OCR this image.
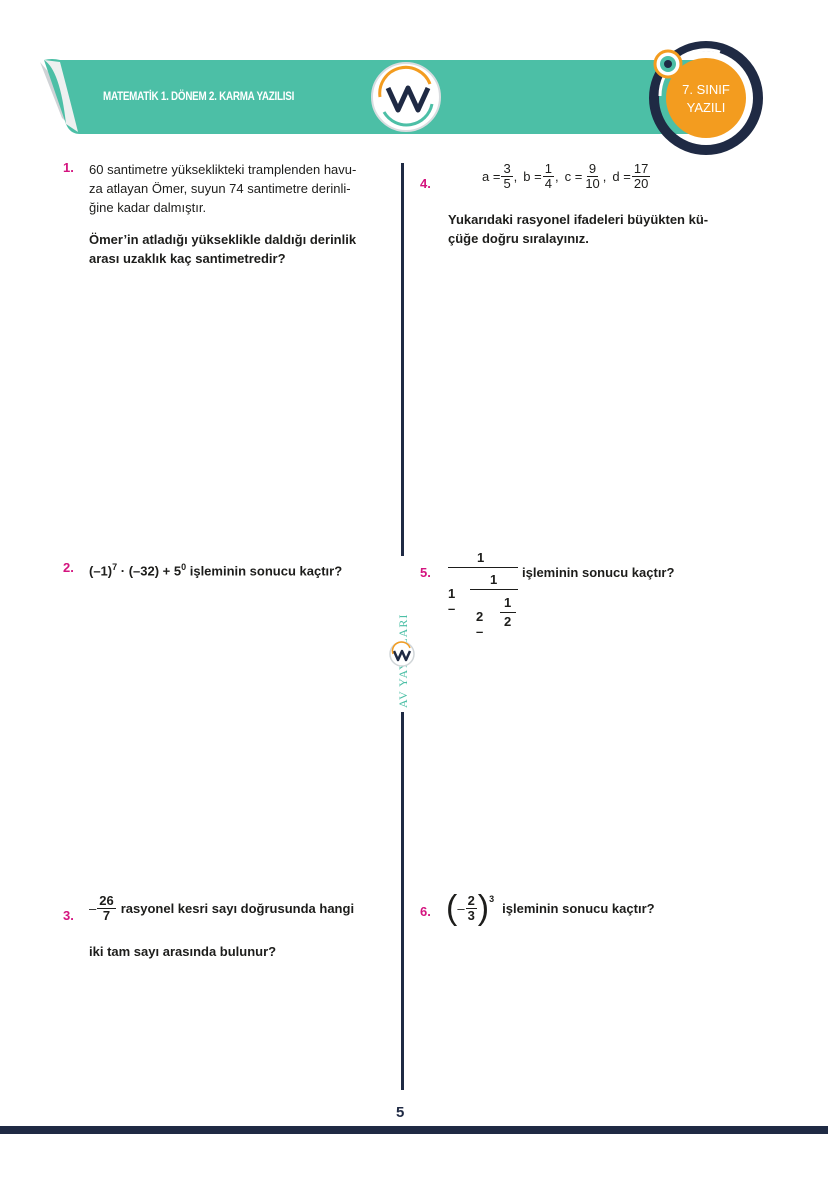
MATEMATİK 1. DÖNEM 2. KARMA YAZILISI	7. SINIF
YAZILI
1. 60 santimetre yükseklikteki tramplenden havu-
za atlayan Ömer, suyun 74 santimetre derinli-
ğine kadar dalmıştır.
Ömer’in atladığı yükseklikle daldığı derinlik
arası uzaklık kaç santimetredir?
2. $(-1)^7 \cdot (-32) + 5^0$ işleminin sonucu kaçtır?
3. – $\frac{26}{7}$ rasyonel kesri sayı doğrusunda hangi
iki tam sayı arasında bulunur?
4.	$a = \frac{3}{5}$ , $b = \frac{1}{4}$ , $c = \frac{9}{10}$ , $d = \frac{17}{20}$
Yukarıdaki rasyonel ifadeleri büyükten kü-
çüğe doğru sıralayınız.
5.
1
1 –
1
2 –
1
2
işleminin sonucu kaçtır?
6. ( – $\frac{2}{3} )^3$
işleminin sonucu kaçtır?
5
